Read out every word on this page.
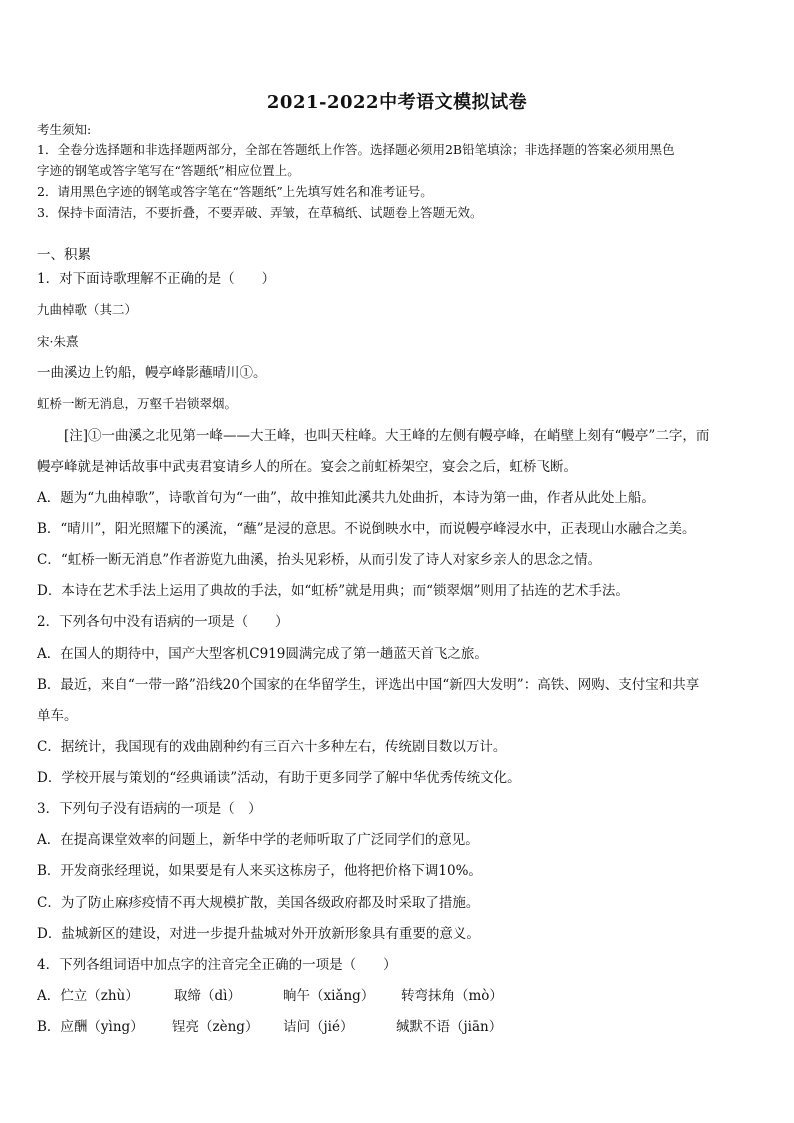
2021-2022中考语文模拟试卷
考生须知:
1．全卷分选择题和非选择题两部分，全部在答题纸上作答。选择题必须用2B铅笔填涂；非选择题的答案必须用黑色
字迹的钢笔或答字笔写在“答题纸”相应位置上。
2．请用黑色字迹的钢笔或答字笔在“答题纸”上先填写姓名和准考证号。
3．保持卡面清洁，不要折叠，不要弄破、弄皱，在草稿纸、试题卷上答题无效。
一、积累
1．对下面诗歌理解不正确的是（　　）
九曲棹歌（其二）
宋·朱熹
一曲溪边上钓船，幔亭峰影蘸晴川①。
虹桥一断无消息，万壑千岩锁翠烟。
[注]①一曲溪之北见第一峰——大王峰，也叫天柱峰。大王峰的左侧有幔亭峰，在峭壁上刻有“幔亭”二字，而
幔亭峰就是神话故事中武夷君宴请乡人的所在。宴会之前虹桥架空，宴会之后，虹桥飞断。
A．题为“九曲棹歌”，诗歌首句为“一曲”，故中推知此溪共九处曲折，本诗为第一曲，作者从此处上船。
B．“晴川”，阳光照耀下的溪流，“蘸”是浸的意思。不说倒映水中，而说幔亭峰浸水中，正表现山水融合之美。
C．“虹桥一断无消息”作者游览九曲溪，抬头见彩桥，从而引发了诗人对家乡亲人的思念之情。
D．本诗在艺术手法上运用了典故的手法，如“虹桥”就是用典；而“锁翠烟”则用了拈连的艺术手法。
2．下列各句中没有语病的一项是（　　）
A．在国人的期待中，国产大型客机C919圆满完成了第一趟蓝天首飞之旅。
B．最近，来自“一带一路”沿线20个国家的在华留学生，评选出中国“新四大发明”：高铁、网购、支付宝和共享
单车。
C．据统计，我国现有的戏曲剧种约有三百六十多种左右，传统剧目数以万计。
D．学校开展与策划的“经典诵读”活动，有助于更多同学了解中华优秀传统文化。
3．下列句子没有语病的一项是（　）
A．在提高课堂效率的问题上，新华中学的老师听取了广泛同学们的意见。
B．开发商张经理说，如果要是有人来买这栋房子，他将把价格下调10%。
C．为了防止麻疹疫情不再大规模扩散，美国各级政府都及时采取了措施。
D．盐城新区的建设，对进一步提升盐城对外开放新形象具有重要的意义。
4．下列各组词语中加点字的注音完全正确的一项是（　　）
A．伫立（zhù）	取缔（dì）	晌午（xiǎng）	转弯抹角（mò）
B．应酬（yìng）	锃亮（zèng）	诘问（jié）	缄默不语（jiān）
